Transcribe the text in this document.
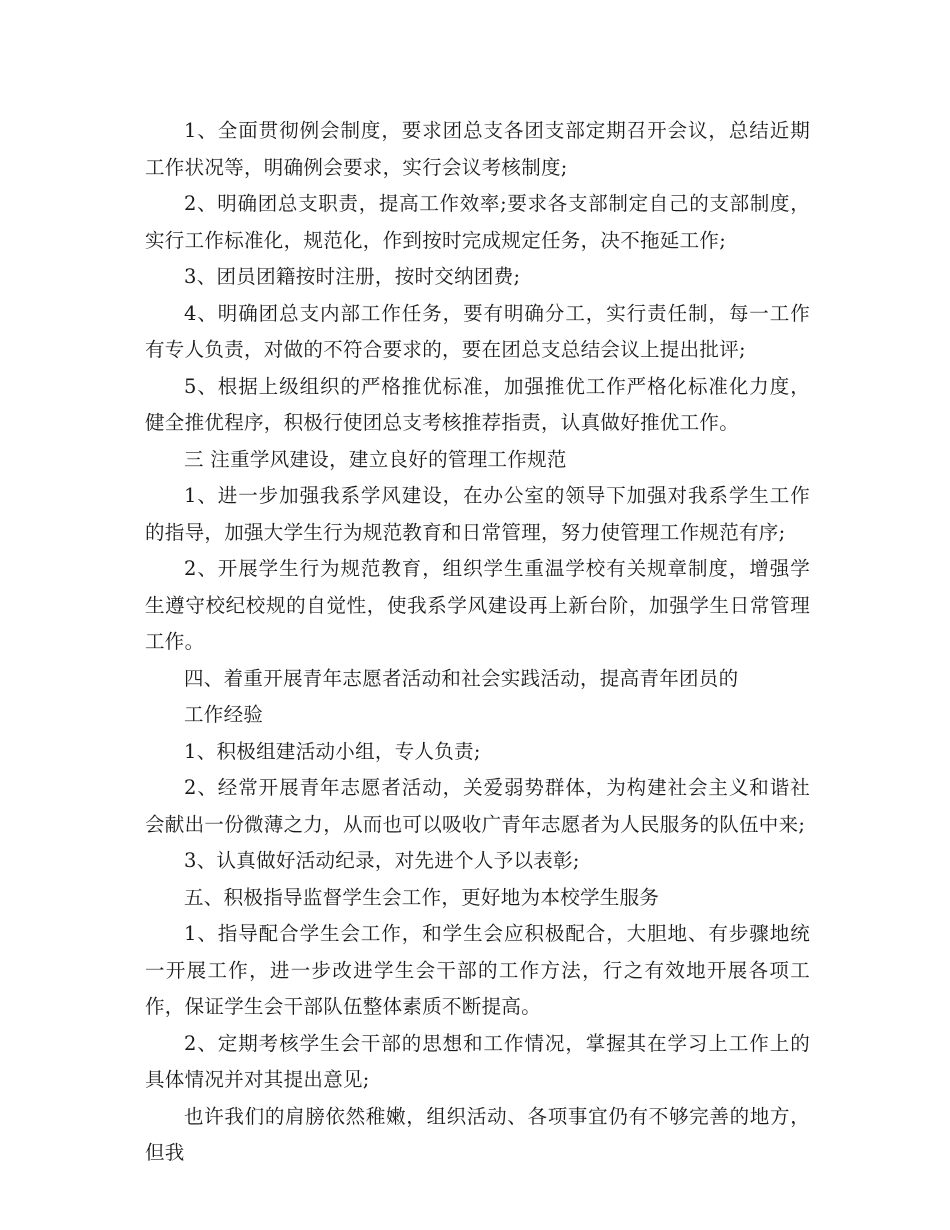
1、全面贯彻例会制度，要求团总支各团支部定期召开会议，总结近期工作状况等，明确例会要求，实行会议考核制度;

2、明确团总支职责，提高工作效率;要求各支部制定自己的支部制度，实行工作标准化，规范化，作到按时完成规定任务，决不拖延工作;

3、团员团籍按时注册，按时交纳团费;

4、明确团总支内部工作任务，要有明确分工，实行责任制，每一工作有专人负责，对做的不符合要求的，要在团总支总结会议上提出批评;

5、根据上级组织的严格推优标准，加强推优工作严格化标准化力度，健全推优程序，积极行使团总支考核推荐指责，认真做好推优工作。

三 注重学风建设，建立良好的管理工作规范

1、进一步加强我系学风建设，在办公室的领导下加强对我系学生工作的指导，加强大学生行为规范教育和日常管理，努力使管理工作规范有序;

2、开展学生行为规范教育，组织学生重温学校有关规章制度，增强学生遵守校纪校规的自觉性，使我系学风建设再上新台阶，加强学生日常管理工作。

四、着重开展青年志愿者活动和社会实践活动，提高青年团员的

工作经验

1、积极组建活动小组，专人负责;

2、经常开展青年志愿者活动，关爱弱势群体，为构建社会主义和谐社会献出一份微薄之力，从而也可以吸收广青年志愿者为人民服务的队伍中来;

3、认真做好活动纪录，对先进个人予以表彰;

五、积极指导监督学生会工作，更好地为本校学生服务

1、指导配合学生会工作，和学生会应积极配合，大胆地、有步骤地统一开展工作，进一步改进学生会干部的工作方法，行之有效地开展各项工作，保证学生会干部队伍整体素质不断提高。

2、定期考核学生会干部的思想和工作情况，掌握其在学习上工作上的具体情况并对其提出意见;

也许我们的肩膀依然稚嫩，组织活动、各项事宜仍有不够完善的地方，但我
